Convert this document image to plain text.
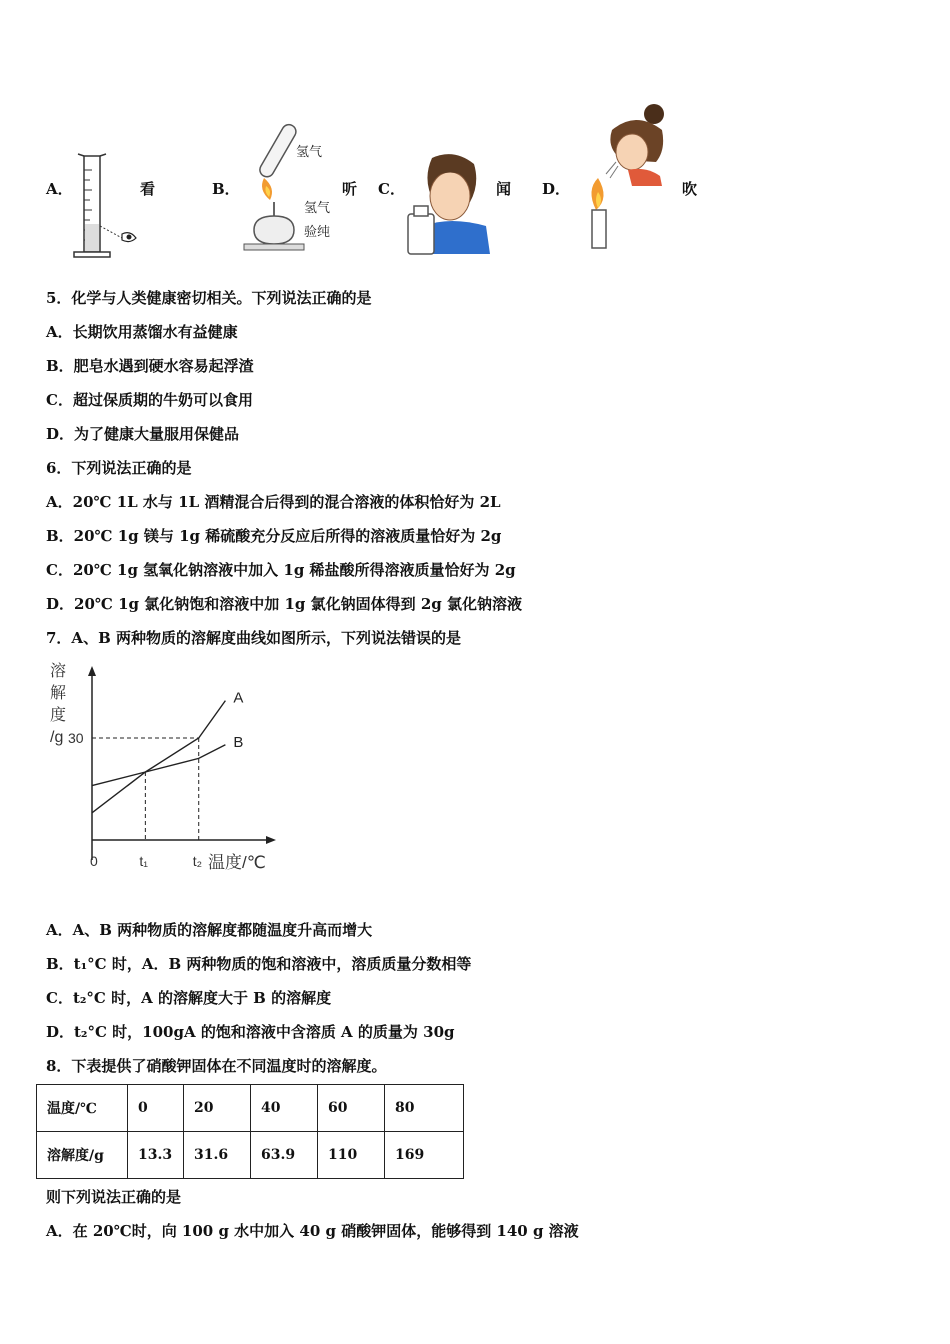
A．	看	B．	听 C．	闻 D．	吹
氢气
氢气
验纯
5．化学与人类健康密切相关。下列说法正确的是
A．长期饮用蒸馏水有益健康
B．肥皂水遇到硬水容易起浮渣
C．超过保质期的牛奶可以食用
D．为了健康大量服用保健品
6．下列说法正确的是
A．20℃ 1L 水与 1L 酒精混合后得到的混合溶液的体积恰好为 2L
B．20℃ 1g 镁与 1g 稀硫酸充分反应后所得的溶液质量恰好为 2g
C．20℃ 1g 氢氧化钠溶液中加入 1g 稀盐酸所得溶液质量恰好为 2g
D．20℃ 1g 氯化钠饱和溶液中加 1g 氯化钠固体得到 2g 氯化钠溶液
7．A、B 两种物质的溶解度曲线如图所示，下列说法错误的是
溶
解
度
/g
A
B
30
0	t₁	t₂ 温度/℃
A．A、B 两种物质的溶解度都随温度升高而增大
B．t₁°C 时，A．B 两种物质的饱和溶液中，溶质质量分数相等
C．t₂°C 时，A 的溶解度大于 B 的溶解度
D．t₂°C 时，100gA 的饱和溶液中含溶质 A 的质量为 30g
8．下表提供了硝酸钾固体在不同温度时的溶解度。
温度/℃	0	20	40	60	80
溶解度/g	13.3	31.6	63.9	110	169
则下列说法正确的是
A．在 20℃时，向 100 g 水中加入 40 g 硝酸钾固体，能够得到 140 g 溶液
